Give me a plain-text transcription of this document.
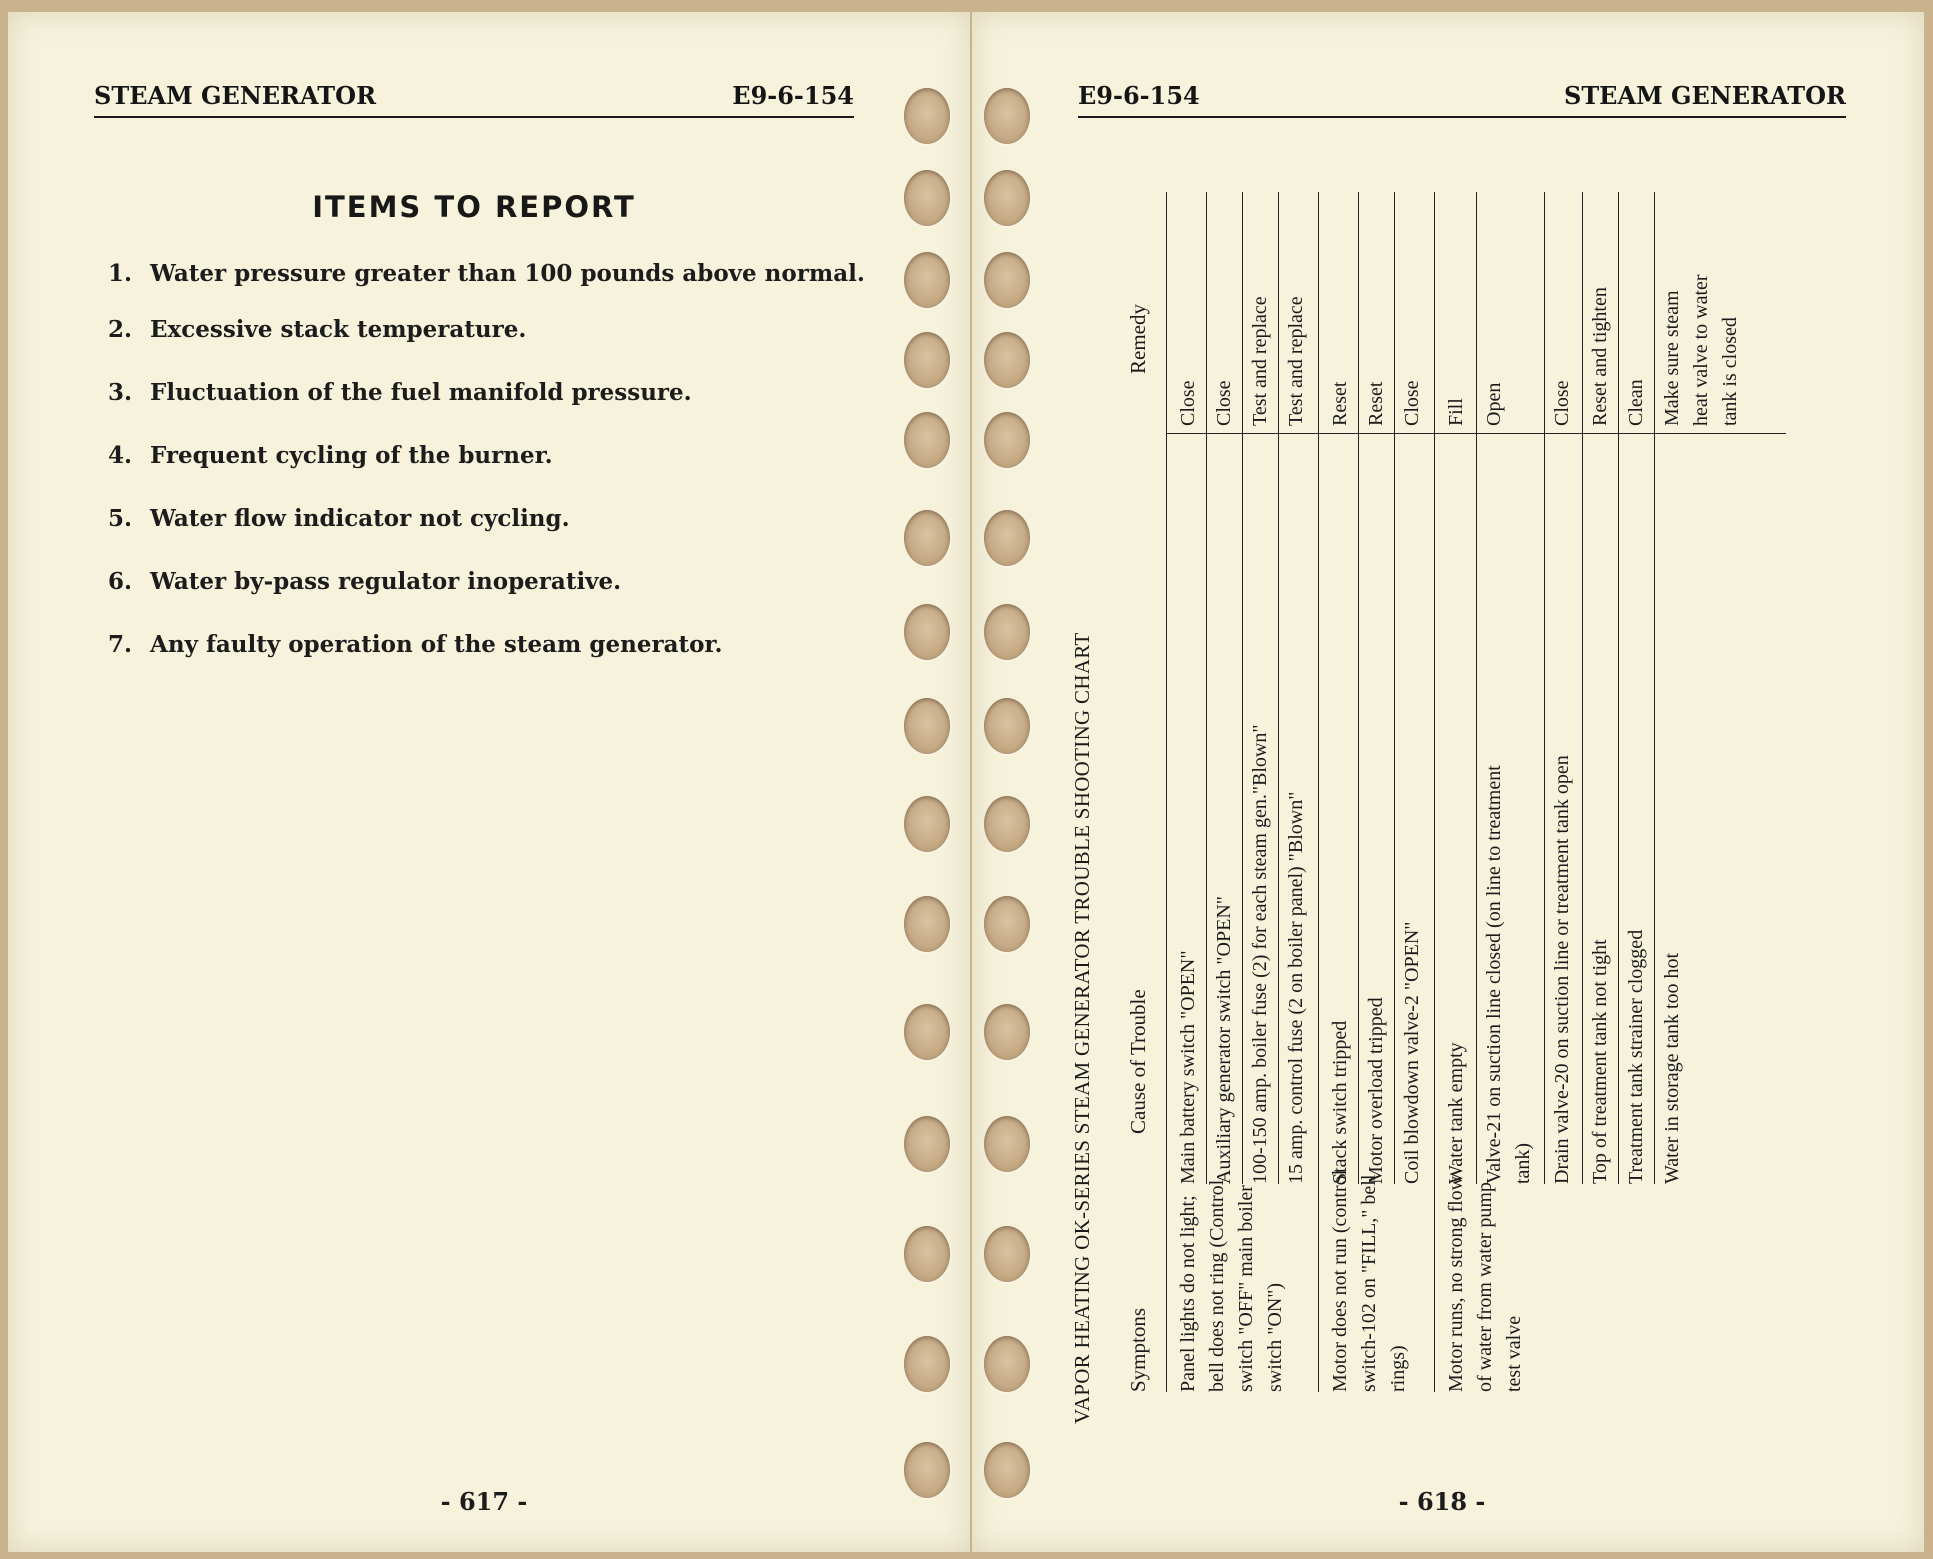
STEAM GENERATOR	E9-6-154
ITEMS TO REPORT
1. Water pressure greater than 100 pounds above normal.
2. Excessive stack temperature.
3. Fluctuation of the fuel manifold pressure.
4. Frequent cycling of the burner.
5. Water flow indicator not cycling.
6. Water by-pass regulator inoperative.
7. Any faulty operation of the steam generator.
- 617 -
E9-6-154	STEAM GENERATOR
- 618 -
VAPOR HEATING OK-SERIES STEAM GENERATOR TROUBLE SHOOTING CHART Symptons
Cause of Trouble
Remedy
Panel lights do not light; bell does not ring (Control switch "OFF" main boiler switch "ON")
Main battery switch "OPEN"
Close
Auxiliary generator switch "OPEN"
Close
100-150 amp. boiler fuse (2) for each steam gen."Blown"
Test and replace
15 amp. control fuse (2 on boiler panel) "Blown"
Test and replace
Motor does not run (control switch-102 on "FILL," bell rings)
Stack switch tripped
Reset
Motor overload tripped
Reset
Coil blowdown valve-2 "OPEN"
Close
Motor runs, no strong flow of water from water pump test valve
Water tank empty
Fill
Valve-21 on suction line closed (on line to treatment tank)
Open
Drain valve-20 on suction line or treatment tank open
Close
Top of treatment tank not tight
Reset and tighten
Treatment tank strainer clogged
Clean
Water in storage tank too hot
Make sure steam heat valve to water tank is closed
